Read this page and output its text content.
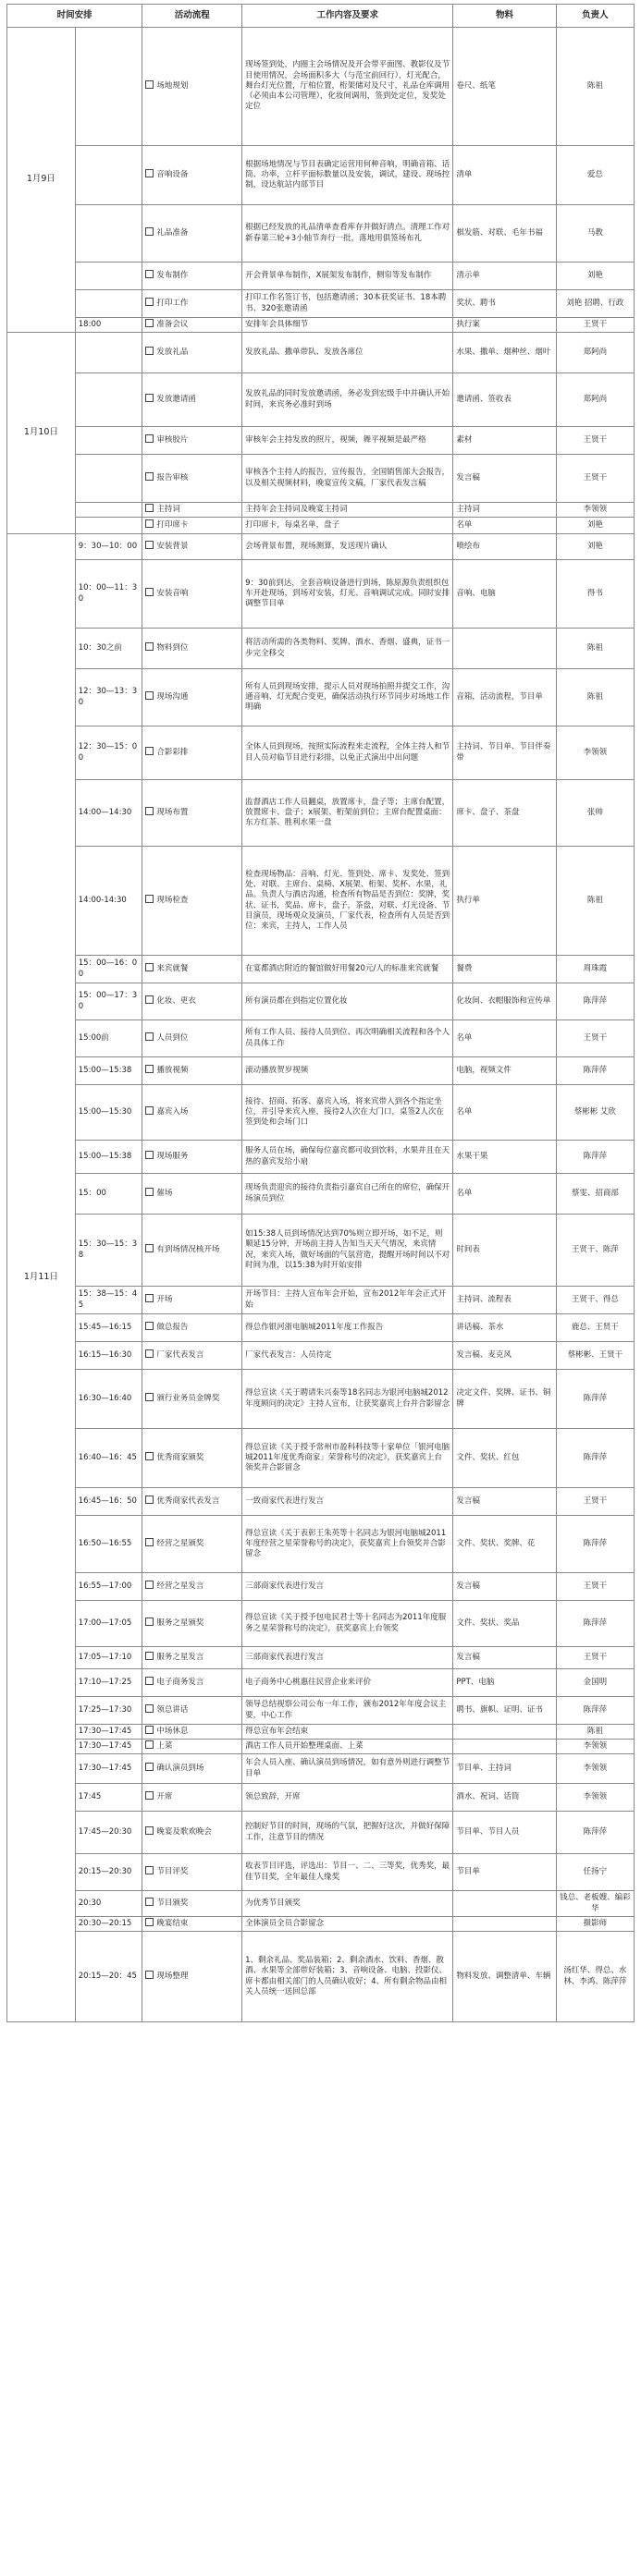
时间安排		活动流程	工作内容及要求	物料	负责人
1月9日		场地规划	现场签到处，内圈主会场情况及开会带平面图、教影仪及节目使用情况，会场面积多大（与范宝前回行），灯光配合，舞台灯光位置，厅柏位置，桁架储对及尺寸，礼品仓库调用（必须由本公司管理），化妆间调用，签到处定位，发奖处定位	卷尺、纸笔	陈祖
		音响设备	根据场地情况与节目表确定运营用何种音响，明确音箱、话筒、功率，立杆平面标数量以及安装，调试，建设、现场控制，设达航站内部节目	清单	爱总
		礼品准备	根据已经发放的礼品清单查看库存并做好清点。清理工作对新春第三轮+3小轴节奔行一批，落地用俱签场布礼	棋发筋、对联、毛年书福	马教
		发布制作	开会背景单布制作，X展架发布制作，侧帘等发布制作	清示单	刘艳
		打印工作	打印工作名签订书，包括邀请函；30本获奖证书、18本聘书、320张邀请函	奖状、聘书	刘艳 招聘、行政
	18:00	准备会议	安排年会具体细节	执行案	王贤干
1月10日		发放礼品	发放礼品、撒单带队、发放各席位	水果、撒单、烟种丝、烟叶	郑阿尚
		发放邀请函	发放礼品的同时发放邀请函，务必发到宏级手中并确认开始时间，来宾务必准时到场	邀请函、签收表	郑阿尚
		审核胶片	审核年会主持发放的照片，视频，舞平视频是最严格	素材	王贤干
		报告审核	审核各个主持人的报告，宣传报告，全国销售部大会报告，以及相关视频材料，晚宴宣传文稿，厂家代表发言稿	发言稿	王贤干
		主持词	主持年会主持词及晚宴主持词	主持词	李领领
		打印席卡	打印席卡，每桌名单，盘子	名单	刘艳
1月11日	9：30—10：00	安装背景	会场背景布置，现场测算，发送现片确认	喷绘布	刘艳
	10：00—11：30	安装音响	9：30前到达，全套音响设备进行到场，陈原源负责组织包车开赴现场，到场对安装，灯光、音响调试完成。同时安排调整节目单	音响、电脑	得书
	10：30之前	物料到位	将活动所需的各类物料、奖牌、酒水、香烟、盛典，证书一步完全移交		陈祖
	12：30—13：30	现场沟通	所有人员到现场安排，提示人员对现场拍照并提交工作，沟通音响、灯光配合变更，确保活动执行环节同步对场地工作明确	音箱，活动流程，节目单	陈祖
	12：30—15：00	合影彩排	全体人员到现场，按照实际流程来走流程，全体主持人和节目人员对临节目进行彩排，以免正式演出中出问题	主持词、节目单、节目伴奏带	李领领
	14:00—14:30	现场布置	监督酒店工作人员翻桌，放置席卡，盘子等；主席台配置，放置席卡、盘子；x展架、桁架前到位；主席台配置桌面：东方红茶、胜利水果一盘	席卡、盘子、茶盘	张帅
	14:00-14:30	现场检查	检查现场物品：音响、灯光、签到处、席卡、发奖处、签到处、对联、主席台、桌椅、X展架、桁架、奖杯、水果，礼品。负责人与酒店沟通，检查所有物品是否到位：奖牌，奖状、证书，奖品、席卡，盘子，茶盘，对联、灯光设备、节目演员，现场观众及演员，厂家代表，检查所有人员是否到位：来宾，主持人，工作人员	执行单	陈祖
	15：00—16：00	来宾就餐	在宴都酒店附近的餐馆做好用餐20元/人的标准来宾就餐	餐费	周珠霞
	15：00—17：30	化妆、更衣	所有演员都在到指定位置化妆	化妆间、衣帽服饰和宣传单	陈萍萍
	15:00前	人员到位	所有工作人员、接待人员到位、再次明确相关流程和各个人员具体工作	名单	王贤干
	15:00—15:38	播放视频	滚动播放贺岁视频	电脑，视频文件	陈萍萍
	15:00—15:30	嘉宾入场	接待、招商、拓客、嘉宾入场，将来宾带入到各个指定坐位，并引导来宾入座，接待2人次在大门口，桌签2人次在签到处和会场门口	名单	蔡彬彬 艾欣
	15:00—15:38	现场服务	服务人员在场，确保每位嘉宾都可收到饮料，水果并且在天热的嘉宾发给小扇	水果干果	陈萍萍
	15：00	催场	现场负责迎宾的接待负责指引嘉宾自己所在的席位，确保开场演员到位	名单	蔡雯、招商部
	15：30—15：38	有到场情况核开场	如15:38人员到场情况达到70%则立即开场，如不足，则顺延15分钟，开场前主持人告知当天天气情况，来宾情况，来宾入场，做好场面的气氛营造，提醒开场时间以不对时间为准，以15:38为时开始安排	时间表	王贤干、陈萍
	15：38—15：45	开场	开场节目：主持人宣布年会开始，宣布2012年年会正式开始	主持词、流程表	王贤干、得总
	15:45—16:15	做总报告	得总作银河浙电脑城2011年度工作报告	讲话稿、茶水	鹿总、王贤干
	16:15—16:30	厂家代表发言	厂家代表发言：人员待定	发言稿、麦克风	蔡彬彬、王贤干
	16:30—16:40	颁行业务员金牌奖	得总宣读《关于聘请朱兴泰等18名同志为银河电脑城2012年度顾问的决定》主持人宣布，让获奖嘉宾上台并合影留念	决定文件、奖牌、证书、铜牌	陈萍萍
	16:40—16：45	优秀商家颁奖	得总宣读《关于授予常州市盈科科技等十家单位「银河电脑城2011年度优秀商家」荣誉称号的决定》，获奖嘉宾上台领奖并合影留念	文件、奖状、红包	陈萍萍
	16:45—16：50	优秀商家代表发言	一致商家代表进行发言	发言稿	王贤干
	16:50—16:55	经营之星颁奖	得总宣读《关于表彰王朱英等十名同志为银河电脑城2011年度经营之星荣誉称号的决定》，获奖嘉宾上台领奖并合影留念	文件、奖状、奖牌、花	陈萍萍
	16:55—17:00	经营之星发言	三部商家代表进行发言	发言稿	王贤干
	17:00—17:05	服务之星颁奖	得总宣读《关于授予包电民君士等十名同志为2011年度服务之星荣誉称号的决定》，获奖嘉宾上台领奖	文件、奖状、奖品	陈萍萍
	17:05—17:10	服务之星发言	三部商家代表进行发言	发言稿	王贤干
	17:10—17:25	电子商务发言	电子商务中心桃惠往民营企业来评价	PPT、电脑	金国明
	17:25—17:30	领总讲话	领导总结视察公司公布一年工作，颁布2012年年度会议主要，中心工作	聘书、旗帜、证明、证书	陈萍萍
	17:30—17:45	中场休息	得总宣布年会结束		陈祖
	17:30—17:45	上菜	酒店工作人员开始整理桌面、上菜		李领领
	17:30—17:45	确认演员到场	年会人员入座、确认演员到场情况，如有意外则进行调整节目单	节目单、主持词	李领领
	17:45	开席	领总致辞，开席	酒水、祝词、话筒	李领领
	17:45—20:30	晚宴及歌欢晚会	控制好节目的时间，现场的气氛，把握好这次，并做好保障工作，注意节目的情况	节目单、节目人员	陈萍萍
	20:15—20:30	节目评奖	收表节目评选，评选出：节目一、二、三等奖，优秀奖，最佳节目奖，全年最佳人缘奖	节目单	任扬宁
	20:30	节目颁奖	为优秀节目颁奖		钱总、老板嫂、编彩华
	20:30—20:15	晚宴结束	全体演员全员合影留念		摄影师
	20:15—20：45	现场整理	1、剩余礼品、奖品装箱；2、剩余酒水、饮料、香烟、散酒、水果等全部带好装箱；3、音响设备、电脑、投影仪、席卡都由相关部门的人员确认收好；4、所有剩余物品由相关人员统一送回总部	物料发放、调整清单、车辆	汤红华、得总、水林、李鸿、陈萍萍
